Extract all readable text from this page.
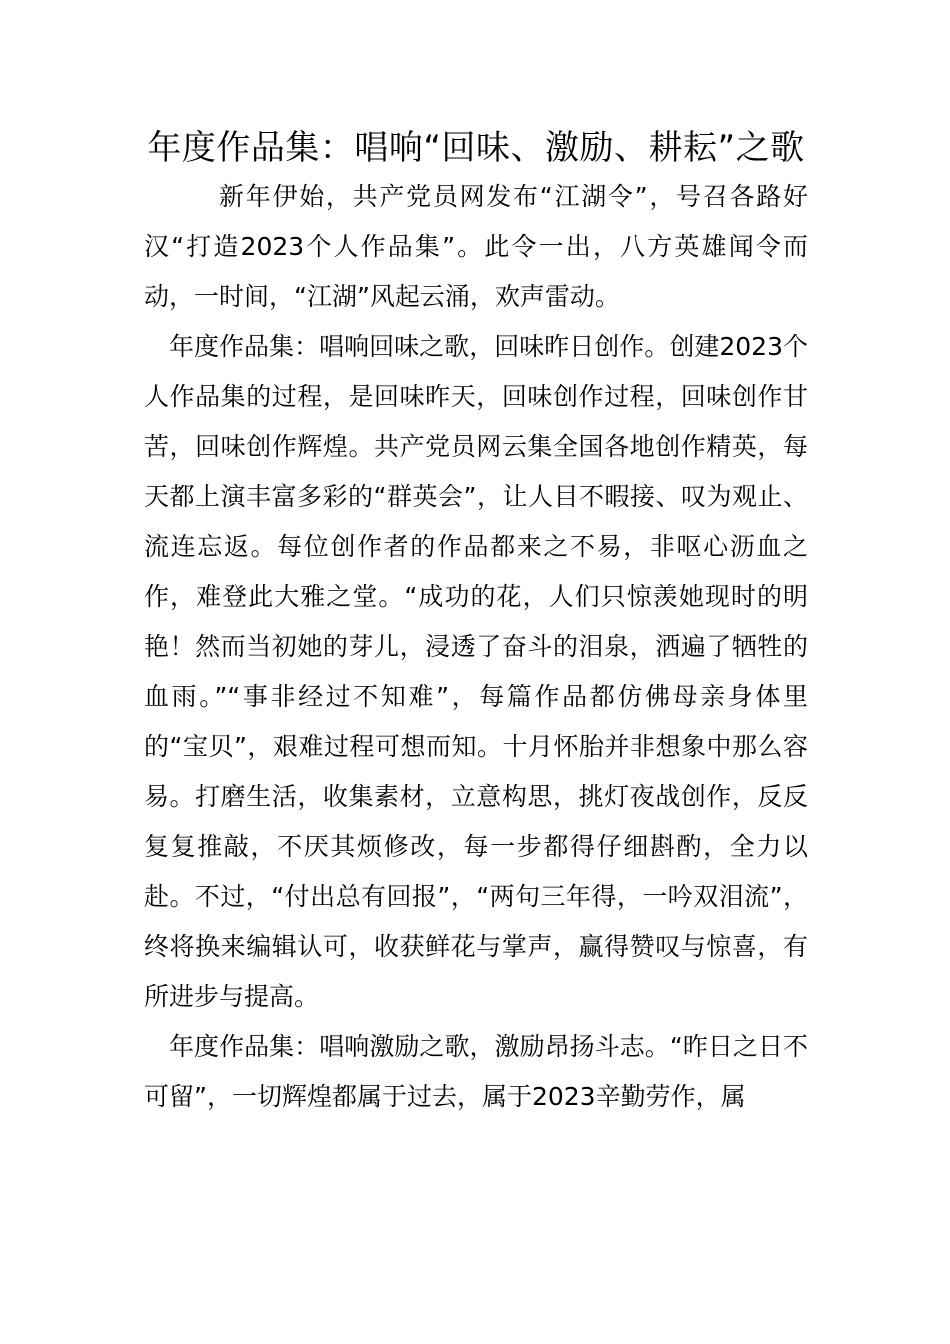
年度作品集：唱响“回味、激励、耕耘”之歌

新年伊始，共产党员网发布“江湖令”，号召各路好汉“打造2023个人作品集”。此令一出，八方英雄闻令而动，一时间，“江湖”风起云涌，欢声雷动。

年度作品集：唱响回味之歌，回味昨日创作。创建2023个人作品集的过程，是回味昨天，回味创作过程，回味创作甘苦，回味创作辉煌。共产党员网云集全国各地创作精英，每天都上演丰富多彩的“群英会”，让人目不暇接、叹为观止、流连忘返。每位创作者的作品都来之不易，非呕心沥血之作，难登此大雅之堂。“成功的花，人们只惊羡她现时的明艳！然而当初她的芽儿，浸透了奋斗的泪泉，洒遍了牺牲的血雨。”“事非经过不知难”，每篇作品都仿佛母亲身体里的“宝贝”，艰难过程可想而知。十月怀胎并非想象中那么容易。打磨生活，收集素材，立意构思，挑灯夜战创作，反反复复推敲，不厌其烦修改，每一步都得仔细斟酌，全力以赴。不过，“付出总有回报”，“两句三年得，一吟双泪流”，终将换来编辑认可，收获鲜花与掌声，赢得赞叹与惊喜，有所进步与提高。

年度作品集：唱响激励之歌，激励昂扬斗志。“昨日之日不可留”，一切辉煌都属于过去，属于2023辛勤劳作，属
